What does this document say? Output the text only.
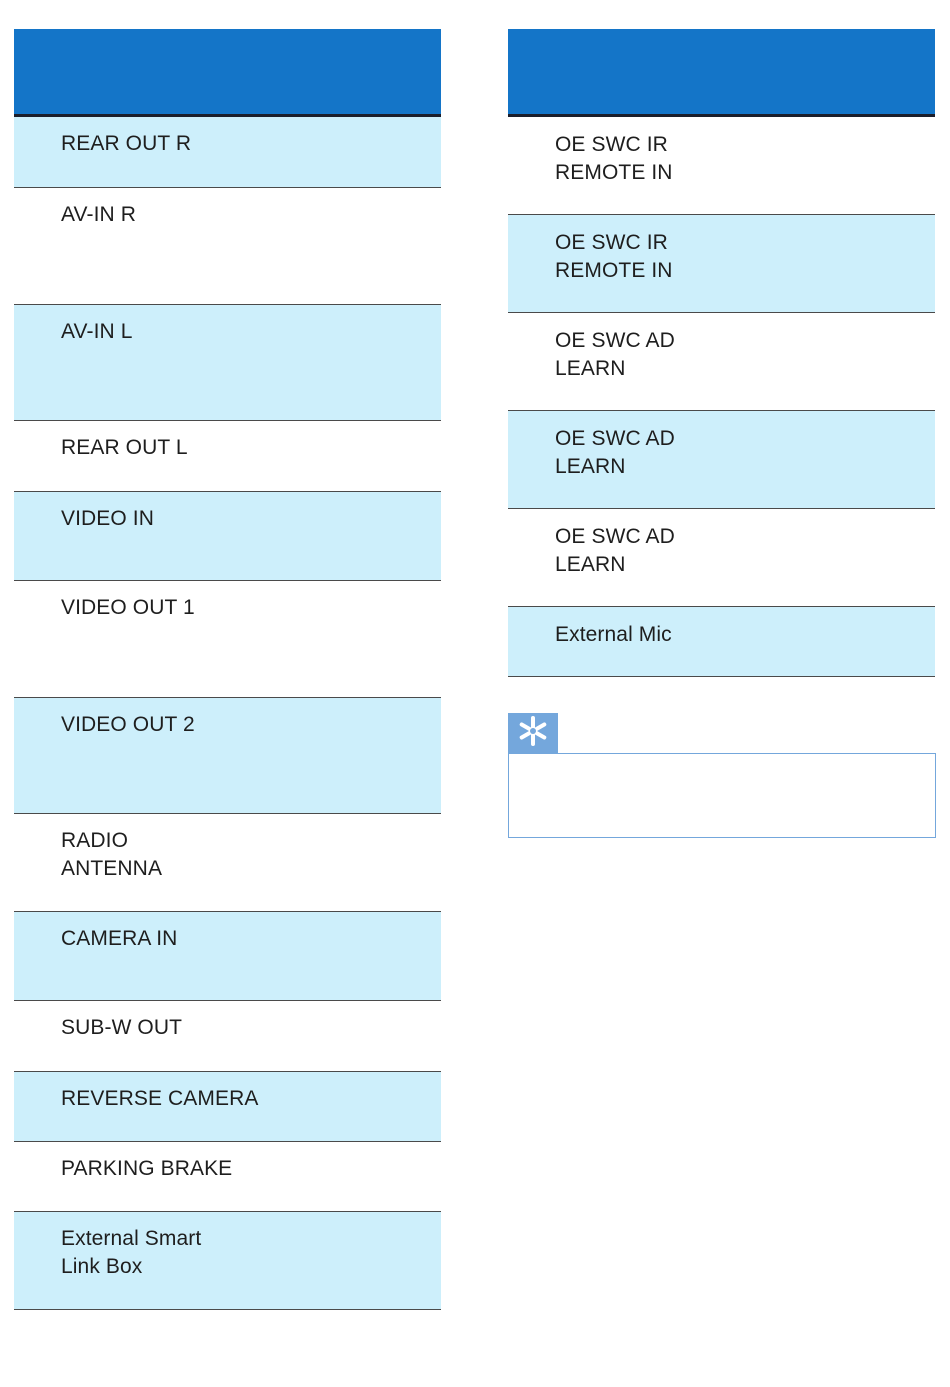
REAR OUT R
AV-IN R
AV-IN L
REAR OUT L
VIDEO IN
VIDEO OUT 1
VIDEO OUT 2
RADIO
ANTENNA
CAMERA IN
SUB-W OUT
REVERSE CAMERA
PARKING BRAKE
External Smart
Link Box
OE SWC IR
REMOTE IN
OE SWC IR
REMOTE IN
OE SWC AD
LEARN
OE SWC AD
LEARN
OE SWC AD
LEARN
External Mic
